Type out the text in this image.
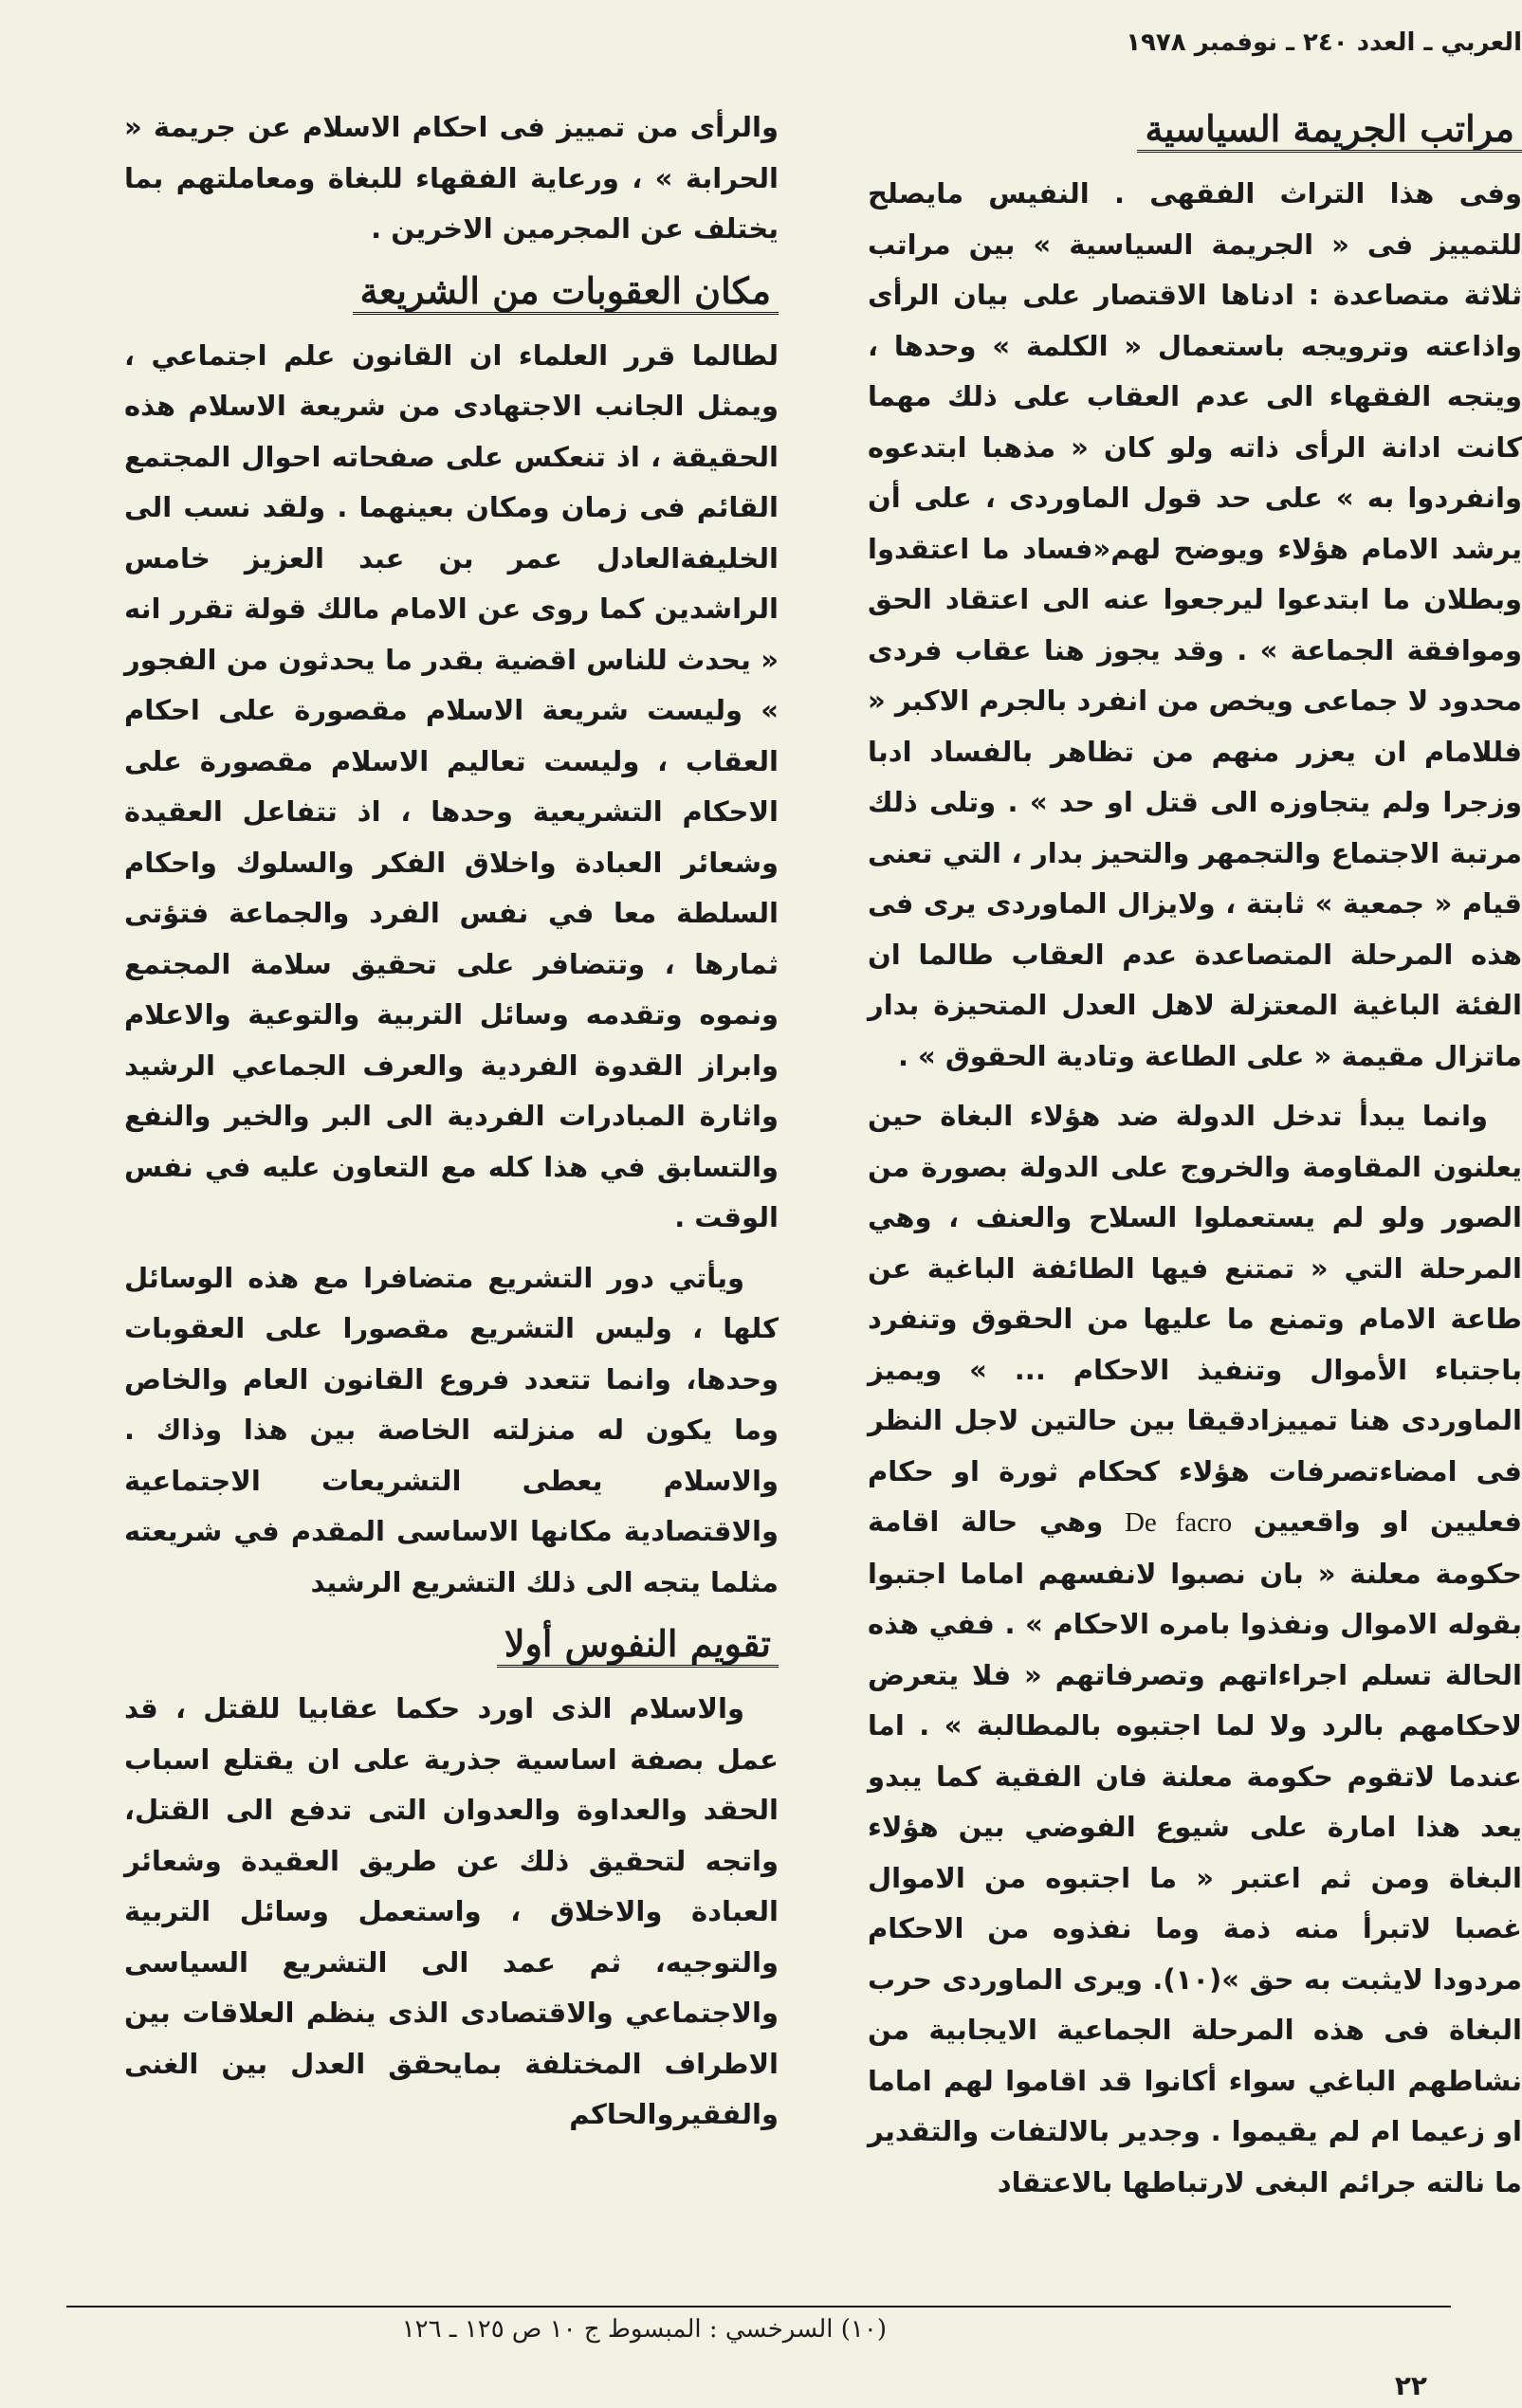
العربي ـ العدد ٢٤٠ ـ نوفمبر ١٩٧٨
مراتب الجريمة السياسية

وفى هذا التراث الفقهى . النفيس مايصلح للتمييز فى « الجريمة السياسية » بين مراتب ثلاثة متصاعدة : ادناها الاقتصار على بيان الرأى واذاعته وترويجه باستعمال « الكلمة » وحدها ، ويتجه الفقهاء الى عدم العقاب على ذلك مهما كانت ادانة الرأى ذاته ولو كان « مذهبا ابتدعوه وانفردوا به » على حد قول الماوردى ، على أن يرشد الامام هؤلاء ويوضح لهم«فساد ما اعتقدوا وبطلان ما ابتدعوا ليرجعوا عنه الى اعتقاد الحق وموافقة الجماعة » . وقد يجوز هنا عقاب فردى محدود لا جماعى ويخص من انفرد بالجرم الاكبر « فللامام ان يعزر منهم من تظاهر بالفساد ادبا وزجرا ولم يتجاوزه الى قتل او حد » . وتلى ذلك مرتبة الاجتماع والتجمهر والتحيز بدار ، التي تعنى قيام « جمعية » ثابتة ، ولايزال الماوردى يرى فى هذه المرحلة المتصاعدة عدم العقاب طالما ان الفئة الباغية المعتزلة لاهل العدل المتحيزة بدار ماتزال مقيمة « على الطاعة وتادية الحقوق » .

وانما يبدأ تدخل الدولة ضد هؤلاء البغاة حين يعلنون المقاومة والخروج على الدولة بصورة من الصور ولو لم يستعملوا السلاح والعنف ، وهي المرحلة التي « تمتنع فيها الطائفة الباغية عن طاعة الامام وتمنع ما عليها من الحقوق وتنفرد باجتباء الأموال وتنفيذ الاحكام ... » ويميز الماوردى هنا تمييزادقيقا بين حالتين لاجل النظر فى امضاءتصرفات هؤلاء كحكام ثورة او حكام فعليين او واقعيين De facro وهي حالة اقامة حكومة معلنة « بان نصبوا لانفسهم اماما اجتبوا بقوله الاموال ونفذوا بامره الاحكام » . ففي هذه الحالة تسلم اجراءاتهم وتصرفاتهم « فلا يتعرض لاحكامهم بالرد ولا لما اجتبوه بالمطالبة » . اما عندما لاتقوم حكومة معلنة فان الفقية كما يبدو يعد هذا امارة على شيوع الفوضي بين هؤلاء البغاة ومن ثم اعتبر « ما اجتبوه من الاموال غصبا لاتبرأ منه ذمة وما نفذوه من الاحكام مردودا لايثبت به حق »(١٠). ويرى الماوردى حرب البغاة فى هذه المرحلة الجماعية الايجابية من نشاطهم الباغي سواء أكانوا قد اقاموا لهم اماما او زعيما ام لم يقيموا . وجدير بالالتفات والتقدير ما نالته جرائم البغى لارتباطها بالاعتقاد

والرأى من تمييز فى احكام الاسلام عن جريمة « الحرابة » ، ورعاية الفقهاء للبغاة ومعاملتهم بما يختلف عن المجرمين الاخرين .

مكان العقوبات من الشريعة

لطالما قرر العلماء ان القانون علم اجتماعي ، ويمثل الجانب الاجتهادى من شريعة الاسلام هذه الحقيقة ، اذ تنعكس على صفحاته احوال المجتمع القائم فى زمان ومكان بعينهما . ولقد نسب الى الخليفةالعادل عمر بن عبد العزيز خامس الراشدين كما روى عن الامام مالك قولة تقرر انه « يحدث للناس اقضية بقدر ما يحدثون من الفجور » وليست شريعة الاسلام مقصورة على احكام العقاب ، وليست تعاليم الاسلام مقصورة على الاحكام التشريعية وحدها ، اذ تتفاعل العقيدة وشعائر العبادة واخلاق الفكر والسلوك واحكام السلطة معا في نفس الفرد والجماعة فتؤتى ثمارها ، وتتضافر على تحقيق سلامة المجتمع ونموه وتقدمه وسائل التربية والتوعية والاعلام وابراز القدوة الفردية والعرف الجماعي الرشيد واثارة المبادرات الفردية الى البر والخير والنفع والتسابق في هذا كله مع التعاون عليه في نفس الوقت .

ويأتي دور التشريع متضافرا مع هذه الوسائل كلها ، وليس التشريع مقصورا على العقوبات وحدها، وانما تتعدد فروع القانون العام والخاص وما يكون له منزلته الخاصة بين هذا وذاك . والاسلام يعطى التشريعات الاجتماعية والاقتصادية مكانها الاساسى المقدم في شريعته مثلما يتجه الى ذلك التشريع الرشيد

تقويم النفوس أولا

والاسلام الذى اورد حكما عقابيا للقتل ، قد عمل بصفة اساسية جذرية على ان يقتلع اسباب الحقد والعداوة والعدوان التى تدفع الى القتل، واتجه لتحقيق ذلك عن طريق العقيدة وشعائر العبادة والاخلاق ، واستعمل وسائل التربية والتوجيه، ثم عمد الى التشريع السياسى والاجتماعي والاقتصادى الذى ينظم العلاقات بين الاطراف المختلفة بمايحقق العدل بين الغنى والفقيروالحاكم

(١٠) السرخسي : المبسوط ج ١٠ ص ١٢٥ ـ ١٢٦
٢٢
